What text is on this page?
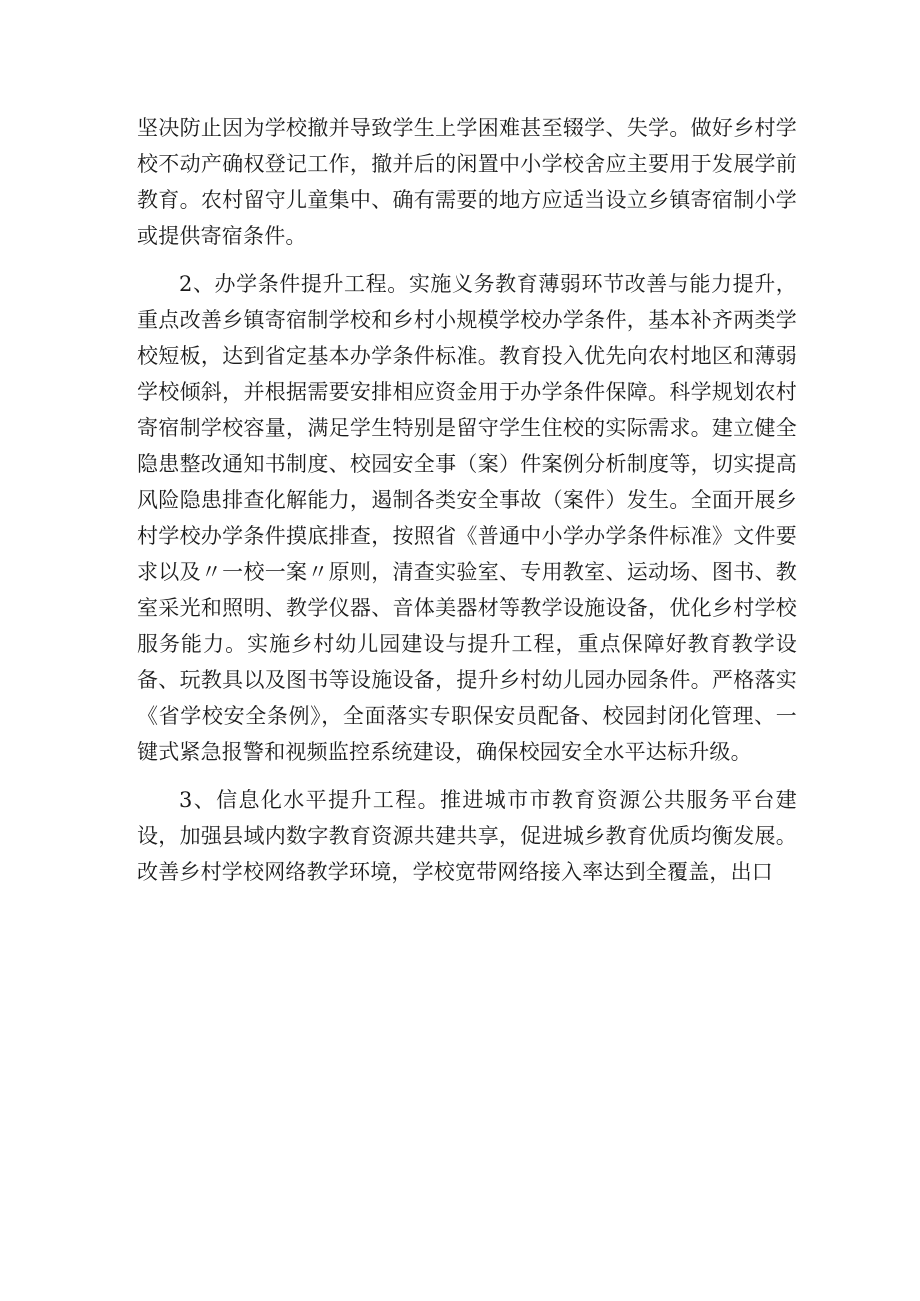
坚决防止因为学校撤并导致学生上学困难甚至辍学、失学。做好乡村学校不动产确权登记工作，撤并后的闲置中小学校舍应主要用于发展学前教育。农村留守儿童集中、确有需要的地方应适当设立乡镇寄宿制小学或提供寄宿条件。

2、办学条件提升工程。实施义务教育薄弱环节改善与能力提升，重点改善乡镇寄宿制学校和乡村小规模学校办学条件，基本补齐两类学校短板，达到省定基本办学条件标准。教育投入优先向农村地区和薄弱学校倾斜，并根据需要安排相应资金用于办学条件保障。科学规划农村寄宿制学校容量，满足学生特别是留守学生住校的实际需求。建立健全隐患整改通知书制度、校园安全事（案）件案例分析制度等，切实提高风险隐患排查化解能力，遏制各类安全事故（案件）发生。全面开展乡村学校办学条件摸底排查，按照省《普通中小学办学条件标准》文件要求以及〃一校一案〃原则，清查实验室、专用教室、运动场、图书、教室采光和照明、教学仪器、音体美器材等教学设施设备，优化乡村学校服务能力。实施乡村幼儿园建设与提升工程，重点保障好教育教学设备、玩教具以及图书等设施设备，提升乡村幼儿园办园条件。严格落实《省学校安全条例》，全面落实专职保安员配备、校园封闭化管理、一键式紧急报警和视频监控系统建设，确保校园安全水平达标升级。

3、信息化水平提升工程。推进城市市教育资源公共服务平台建设，加强县域内数字教育资源共建共享，促进城乡教育优质均衡发展。改善乡村学校网络教学环境，学校宽带网络接入率达到全覆盖，出口
